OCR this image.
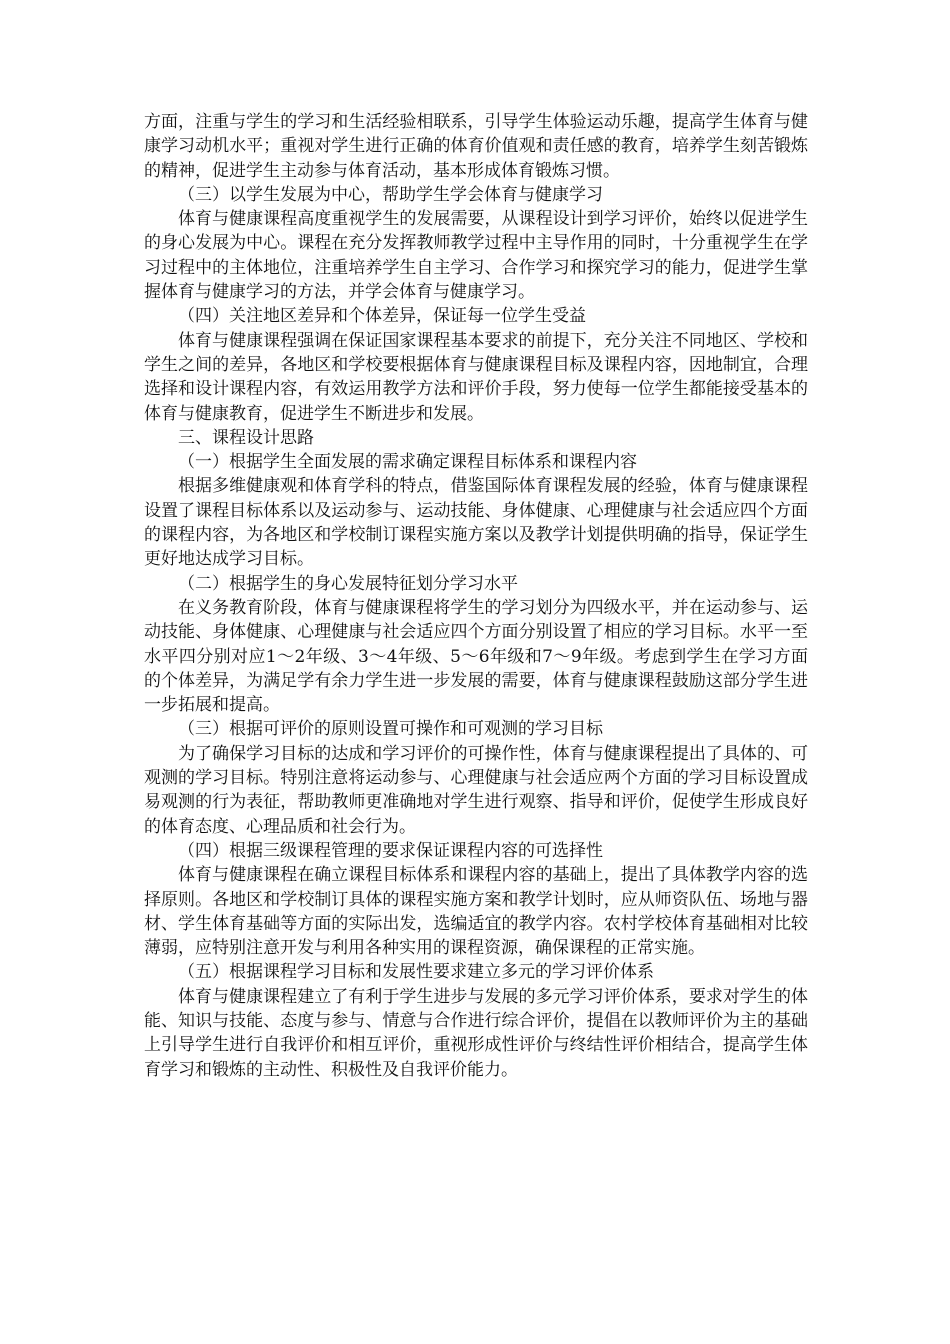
方面，注重与学生的学习和生活经验相联系，引导学生体验运动乐趣，提高学生体育与健康学习动机水平；重视对学生进行正确的体育价值观和责任感的教育，培养学生刻苦锻炼的精神，促进学生主动参与体育活动，基本形成体育锻炼习惯。

（三）以学生发展为中心，帮助学生学会体育与健康学习

体育与健康课程高度重视学生的发展需要，从课程设计到学习评价，始终以促进学生的身心发展为中心。课程在充分发挥教师教学过程中主导作用的同时，十分重视学生在学习过程中的主体地位，注重培养学生自主学习、合作学习和探究学习的能力，促进学生掌握体育与健康学习的方法，并学会体育与健康学习。

（四）关注地区差异和个体差异，保证每一位学生受益

体育与健康课程强调在保证国家课程基本要求的前提下，充分关注不同地区、学校和学生之间的差异，各地区和学校要根据体育与健康课程目标及课程内容，因地制宜，合理选择和设计课程内容，有效运用教学方法和评价手段，努力使每一位学生都能接受基本的体育与健康教育，促进学生不断进步和发展。

三、课程设计思路

（一）根据学生全面发展的需求确定课程目标体系和课程内容

根据多维健康观和体育学科的特点，借鉴国际体育课程发展的经验，体育与健康课程设置了课程目标体系以及运动参与、运动技能、身体健康、心理健康与社会适应四个方面的课程内容，为各地区和学校制订课程实施方案以及教学计划提供明确的指导，保证学生更好地达成学习目标。

（二）根据学生的身心发展特征划分学习水平

在义务教育阶段，体育与健康课程将学生的学习划分为四级水平，并在运动参与、运动技能、身体健康、心理健康与社会适应四个方面分别设置了相应的学习目标。水平一至水平四分别对应1～2年级、3～4年级、5～6年级和7～9年级。考虑到学生在学习方面的个体差异，为满足学有余力学生进一步发展的需要，体育与健康课程鼓励这部分学生进一步拓展和提高。

（三）根据可评价的原则设置可操作和可观测的学习目标

为了确保学习目标的达成和学习评价的可操作性，体育与健康课程提出了具体的、可观测的学习目标。特别注意将运动参与、心理健康与社会适应两个方面的学习目标设置成易观测的行为表征，帮助教师更准确地对学生进行观察、指导和评价，促使学生形成良好的体育态度、心理品质和社会行为。

（四）根据三级课程管理的要求保证课程内容的可选择性

体育与健康课程在确立课程目标体系和课程内容的基础上，提出了具体教学内容的选择原则。各地区和学校制订具体的课程实施方案和教学计划时，应从师资队伍、场地与器材、学生体育基础等方面的实际出发，选编适宜的教学内容。农村学校体育基础相对比较薄弱，应特别注意开发与利用各种实用的课程资源，确保课程的正常实施。

（五）根据课程学习目标和发展性要求建立多元的学习评价体系

体育与健康课程建立了有利于学生进步与发展的多元学习评价体系，要求对学生的体能、知识与技能、态度与参与、情意与合作进行综合评价，提倡在以教师评价为主的基础上引导学生进行自我评价和相互评价，重视形成性评价与终结性评价相结合，提高学生体育学习和锻炼的主动性、积极性及自我评价能力。
